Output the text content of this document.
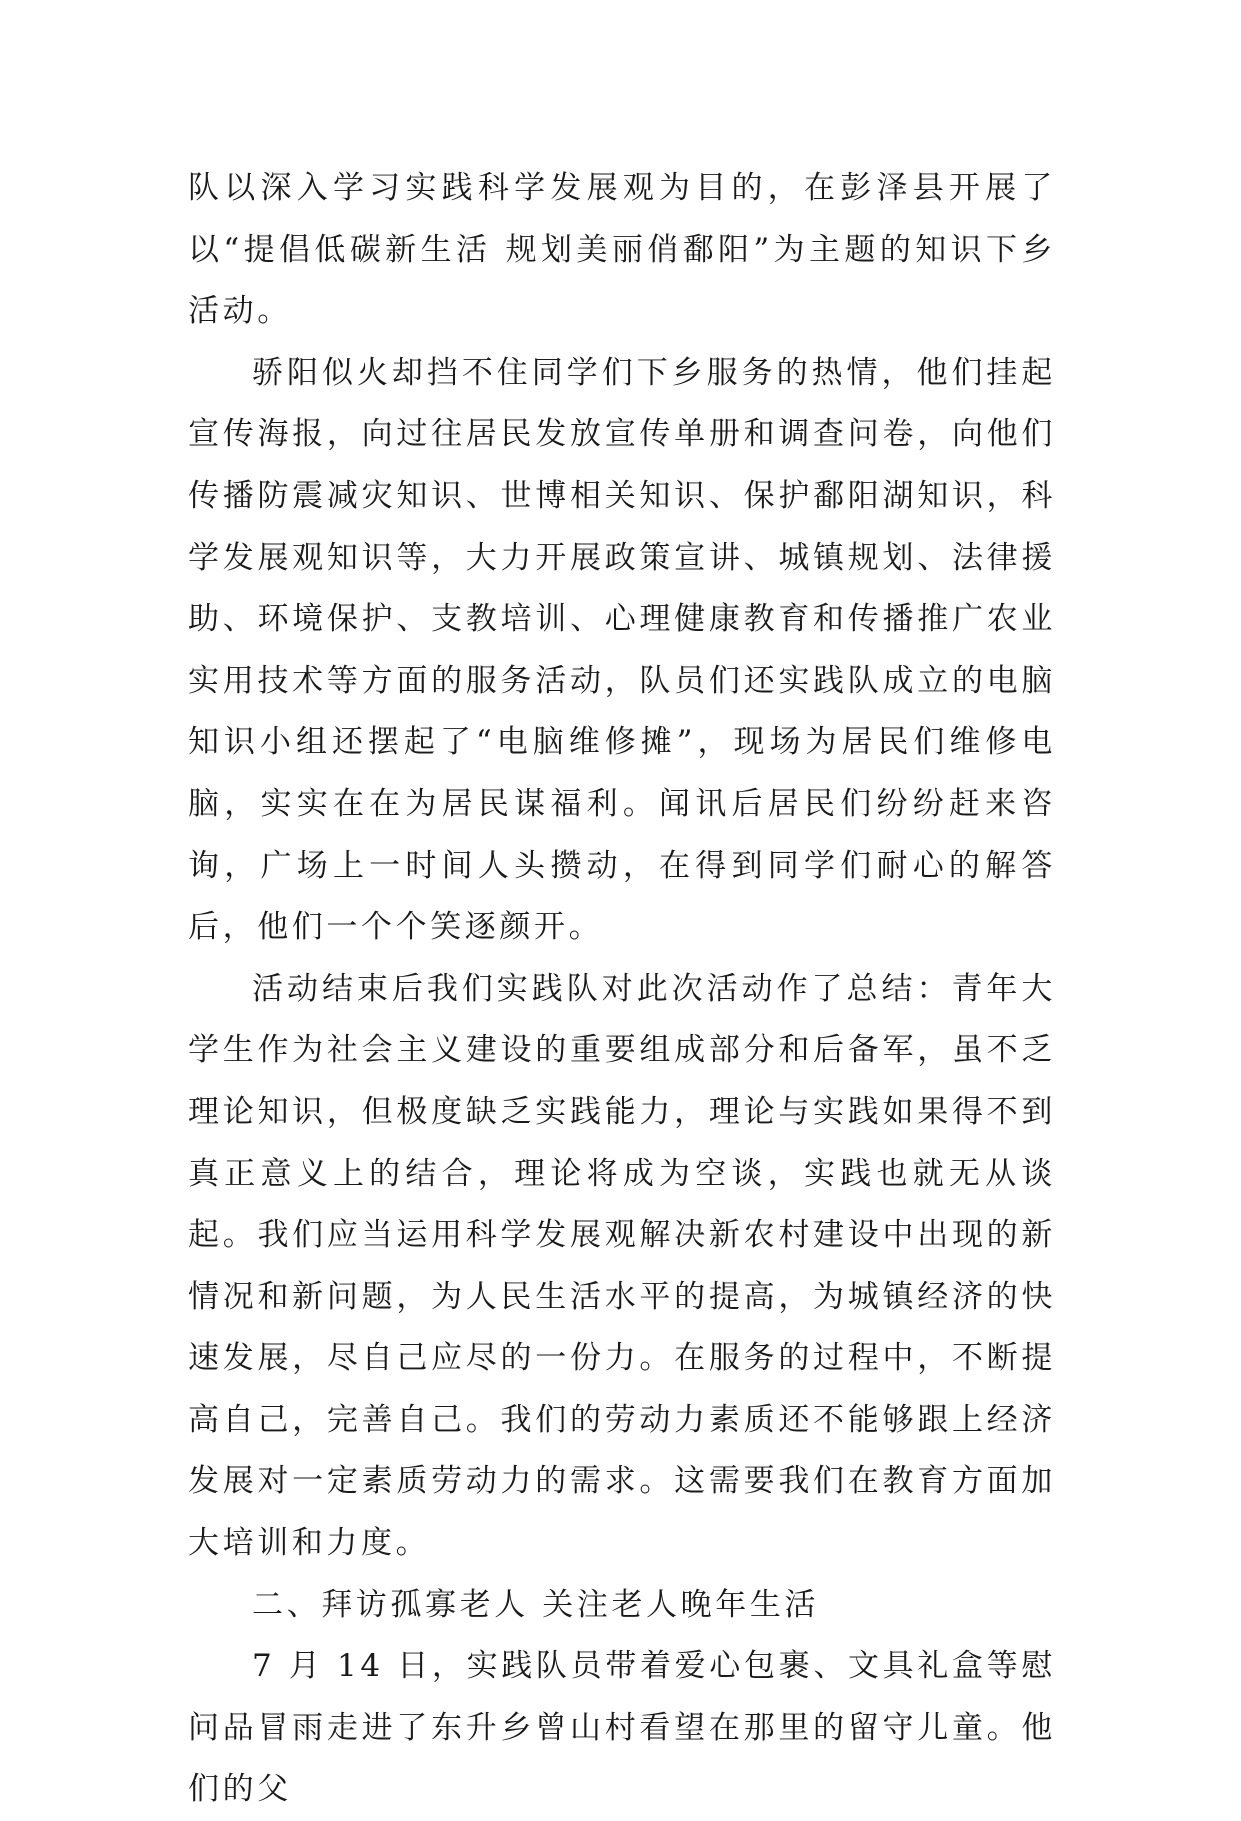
队以深入学习实践科学发展观为目的，在彭泽县开展了以“提倡低碳新生活 规划美丽俏鄱阳”为主题的知识下乡活动。

骄阳似火却挡不住同学们下乡服务的热情，他们挂起宣传海报，向过往居民发放宣传单册和调查问卷，向他们传播防震减灾知识、世博相关知识、保护鄱阳湖知识，科学发展观知识等，大力开展政策宣讲、城镇规划、法律援助、环境保护、支教培训、心理健康教育和传播推广农业实用技术等方面的服务活动，队员们还实践队成立的电脑知识小组还摆起了“电脑维修摊”，现场为居民们维修电脑，实实在在为居民谋福利。闻讯后居民们纷纷赶来咨询，广场上一时间人头攒动，在得到同学们耐心的解答后，他们一个个笑逐颜开。

活动结束后我们实践队对此次活动作了总结：青年大学生作为社会主义建设的重要组成部分和后备军，虽不乏理论知识，但极度缺乏实践能力，理论与实践如果得不到真正意义上的结合，理论将成为空谈，实践也就无从谈起。我们应当运用科学发展观解决新农村建设中出现的新情况和新问题，为人民生活水平的提高，为城镇经济的快速发展，尽自己应尽的一份力。在服务的过程中，不断提高自己，完善自己。我们的劳动力素质还不能够跟上经济发展对一定素质劳动力的需求。这需要我们在教育方面加大培训和力度。

二、拜访孤寡老人 关注老人晚年生活

7 月 14 日，实践队员带着爱心包裹、文具礼盒等慰问品冒雨走进了东升乡曾山村看望在那里的留守儿童。他们的父
